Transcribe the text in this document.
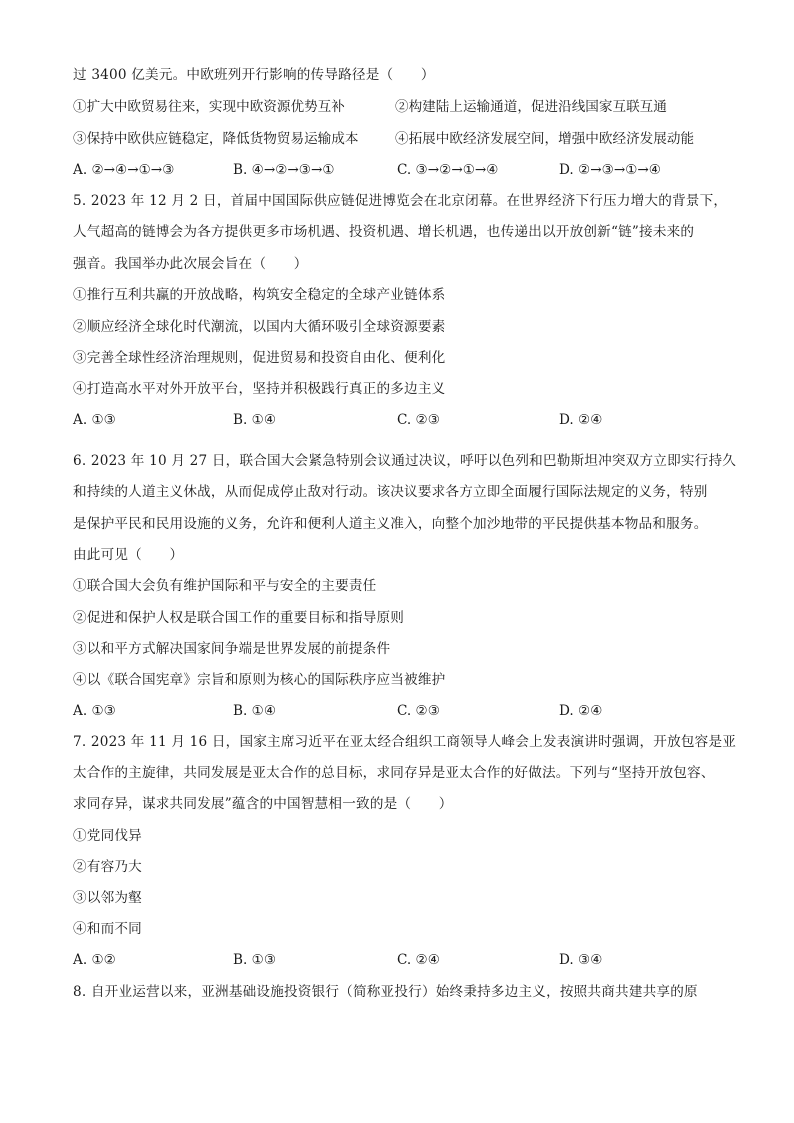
过 3400 亿美元。中欧班列开行影响的传导路径是（　　）
①扩大中欧贸易往来，实现中欧资源优势互补	②构建陆上运输通道，促进沿线国家互联互通
③保持中欧供应链稳定，降低货物贸易运输成本	④拓展中欧经济发展空间，增强中欧经济发展动能
A. ②→④→①→③	B. ④→②→③→①	C. ③→②→①→④	D. ②→③→①→④
5. 2023 年 12 月 2 日，首届中国国际供应链促进博览会在北京闭幕。在世界经济下行压力增大的背景下，
人气超高的链博会为各方提供更多市场机遇、投资机遇、增长机遇，也传递出以开放创新“链”接未来的
强音。我国举办此次展会旨在（　　）
①推行互利共赢的开放战略，构筑安全稳定的全球产业链体系
②顺应经济全球化时代潮流，以国内大循环吸引全球资源要素
③完善全球性经济治理规则，促进贸易和投资自由化、便利化
④打造高水平对外开放平台，坚持并积极践行真正的多边主义
A. ①③	B. ①④	C. ②③	D. ②④
6. 2023 年 10 月 27 日，联合国大会紧急特别会议通过决议，呼吁以色列和巴勒斯坦冲突双方立即实行持久
和持续的人道主义休战，从而促成停止敌对行动。该决议要求各方立即全面履行国际法规定的义务，特别
是保护平民和民用设施的义务，允许和便利人道主义准入，向整个加沙地带的平民提供基本物品和服务。
由此可见（　　）
①联合国大会负有维护国际和平与安全的主要责任
②促进和保护人权是联合国工作的重要目标和指导原则
③以和平方式解决国家间争端是世界发展的前提条件
④以《联合国宪章》宗旨和原则为核心的国际秩序应当被维护
A. ①③	B. ①④	C. ②③	D. ②④
7. 2023 年 11 月 16 日，国家主席习近平在亚太经合组织工商领导人峰会上发表演讲时强调，开放包容是亚
太合作的主旋律，共同发展是亚太合作的总目标，求同存异是亚太合作的好做法。下列与“坚持开放包容、
求同存异，谋求共同发展”蕴含的中国智慧相一致的是（　　）
①党同伐异
②有容乃大
③以邻为壑
④和而不同
A. ①②	B. ①③	C. ②④	D. ③④
8. 自开业运营以来，亚洲基础设施投资银行（简称亚投行）始终秉持多边主义，按照共商共建共享的原
